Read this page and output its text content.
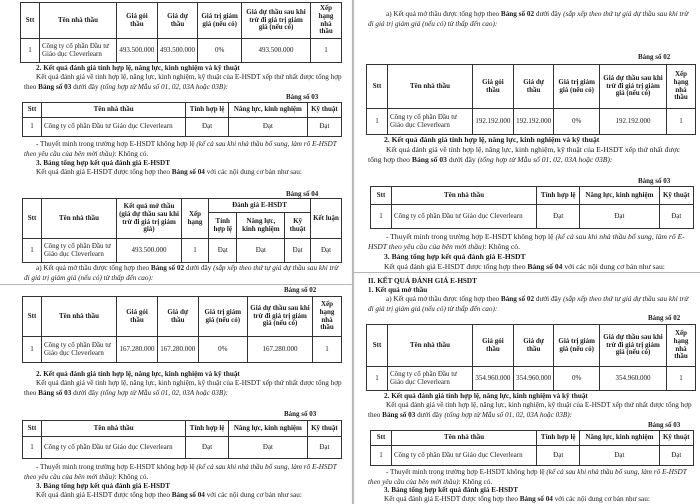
Stt	Tên nhà thầu	Giá gói thầu	Giá dự thầu	Giá trị giảm giá (nếu có)	Giá dự thầu sau khi trừ đi giá trị giảm giá (nếu có)	Xếp hạng nhà thầu
1	Công ty cổ phần Đầu tư Giáo dục Cleverlearn	493.500.000	493.500.000	0%	493.500.000	1

2. Kết quả đánh giá tính hợp lệ, năng lực, kinh nghiệm và kỹ thuật

Kết quả đánh giá về tính hợp lệ, năng lực, kinh nghiệm, kỹ thuật của E-HSDT xếp thứ nhất được tổng hợp theo Bảng số 03 dưới đây (tổng hợp từ Mẫu số 01, 02, 03A hoặc 03B):

Bảng số 03
Stt	Tên nhà thầu	Tính hợp lệ	Năng lực, kinh nghiệm	Kỹ thuật
1	Công ty cổ phần Đầu tư Giáo dục Cleverlearn	Đạt	Đạt	Đạt

- Thuyết minh trong trường hợp E-HSDT không hợp lệ (kể cả sau khi nhà thầu bổ sung, làm rõ E-HSDT theo yêu cầu của bên mời thầu): Không có.

3. Bảng tổng hợp kết quả đánh giá E-HSDT

Kết quả đánh giá E-HSDT được tổng hợp theo Bảng số 04 với các nội dung cơ bản như sau:

Bảng số 04
Stt	Tên nhà thầu	Kết quả mở thầu (giá dự thầu sau khi trừ đi giá trị giảm giá)	Xếp hạng	Đánh giá E-HSDT			Kết luận
				Tính hợp lệ	Năng lực, kinh nghiệm	Kỹ thuật	
1	Công ty cổ phần Đầu tư Giáo dục Cleverlearn	493.500.000	1	Đạt	Đạt	Đạt	Đạt

a) Kết quả mở thầu được tổng hợp theo Bảng số 02 dưới đây (sắp xếp theo thứ tự giá dự thầu sau khi trừ đi giá trị giảm giá (nếu có) từ thấp đến cao):

Bảng số 02
Stt	Tên nhà thầu	Giá gói thầu	Giá dự thầu	Giá trị giảm giá (nếu có)	Giá dự thầu sau khi trừ đi giá trị giảm giá (nếu có)	Xếp hạng nhà thầu
1	Công ty cổ phần Đầu tư Giáo dục Cleverlearn	167.280.000	167.280.000	0%	167.280.000	1

2. Kết quả đánh giá tính hợp lệ, năng lực, kinh nghiệm và kỹ thuật

Kết quả đánh giá về tính hợp lệ, năng lực, kinh nghiệm, kỹ thuật của E-HSDT xếp thứ nhất được tổng hợp theo Bảng số 03 dưới đây (tổng hợp từ Mẫu số 01, 02, 03A hoặc 03B):

Bảng số 03
Stt	Tên nhà thầu	Tính hợp lệ	Năng lực, kinh nghiệm	Kỹ thuật
1	Công ty cổ phần Đầu tư Giáo dục Cleverlearn	Đạt	Đạt	Đạt

- Thuyết minh trong trường hợp E-HSDT không hợp lệ (kể cả sau khi nhà thầu bổ sung, làm rõ E-HSDT theo yêu cầu của bên mời thầu): Không có.

3. Bảng tổng hợp kết quả đánh giá E-HSDT

Kết quả đánh giá E-HSDT được tổng hợp theo Bảng số 04 với các nội dung cơ bản như sau:

a) Kết quả mở thầu được tổng hợp theo Bảng số 02 dưới đây (sắp xếp theo thứ tự giá dự thầu sau khi trừ đi giá trị giảm giá (nếu có) từ thấp đến cao):

Bảng số 02
Stt	Tên nhà thầu	Giá gói thầu	Giá dự thầu	Giá trị giảm giá (nếu có)	Giá dự thầu sau khi trừ đi giá trị giảm giá (nếu có)	Xếp hạng nhà thầu
1	Công ty cổ phần Đầu tư Giáo dục Cleverlearn	192.192.000	192.192.000	0%	192.192.000	1

2. Kết quả đánh giá tính hợp lệ, năng lực, kinh nghiệm và kỹ thuật

Kết quả đánh giá về tính hợp lệ, năng lực, kinh nghiệm, kỹ thuật của E-HSDT xếp thứ nhất được tổng hợp theo Bảng số 03 dưới đây (tổng hợp từ Mẫu số 01, 02, 03A hoặc 03B):

Bảng số 03
Stt	Tên nhà thầu	Tính hợp lệ	Năng lực, kinh nghiệm	Kỹ thuật
1	Công ty cổ phần Đầu tư Giáo dục Cleverlearn	Đạt	Đạt	Đạt

- Thuyết minh trong trường hợp E-HSDT không hợp lệ (kể cả sau khi nhà thầu bổ sung, làm rõ E-HSDT theo yêu cầu của bên mời thầu): Không có.

3. Bảng tổng hợp kết quả đánh giá E-HSDT

Kết quả đánh giá E-HSDT được tổng hợp theo Bảng số 04 với các nội dung cơ bản như sau:

II. KẾT QUẢ ĐÁNH GIÁ E-HSDT

1. Kết quả mở thầu

a) Kết quả mở thầu được tổng hợp theo Bảng số 02 dưới đây (sắp xếp theo thứ tự giá dự thầu sau khi trừ đi giá trị giảm giá (nếu có) từ thấp đến cao):

Bảng số 02
Stt	Tên nhà thầu	Giá gói thầu	Giá dự thầu	Giá trị giảm giá (nếu có)	Giá dự thầu sau khi trừ đi giá trị giảm giá (nếu có)	Xếp hạng nhà thầu
1	Công ty cổ phần Đầu tư Giáo dục Cleverlearn	354.960.000	354.960.000	0%	354.960.000	1

2. Kết quả đánh giá tính hợp lệ, năng lực, kinh nghiệm và kỹ thuật

Kết quả đánh giá về tính hợp lệ, năng lực, kinh nghiệm, kỹ thuật của E-HSDT xếp thứ nhất được tổng hợp theo Bảng số 03 dưới đây (tổng hợp từ Mẫu số 01, 02, 03A hoặc 03B):

Bảng số 03
Stt	Tên nhà thầu	Tính hợp lệ	Năng lực, kinh nghiệm	Kỹ thuật
1	Công ty cổ phần Đầu tư Giáo dục Cleverlearn	Đạt	Đạt	Đạt

- Thuyết minh trong trường hợp E-HSDT không hợp lệ (kể cả sau khi nhà thầu bổ sung, làm rõ E-HSDT theo yêu cầu của bên mời thầu): Không có.

3. Bảng tổng hợp kết quả đánh giá E-HSDT

Kết quả đánh giá E-HSDT được tổng hợp theo Bảng số 04 với các nội dung cơ bản như sau:
